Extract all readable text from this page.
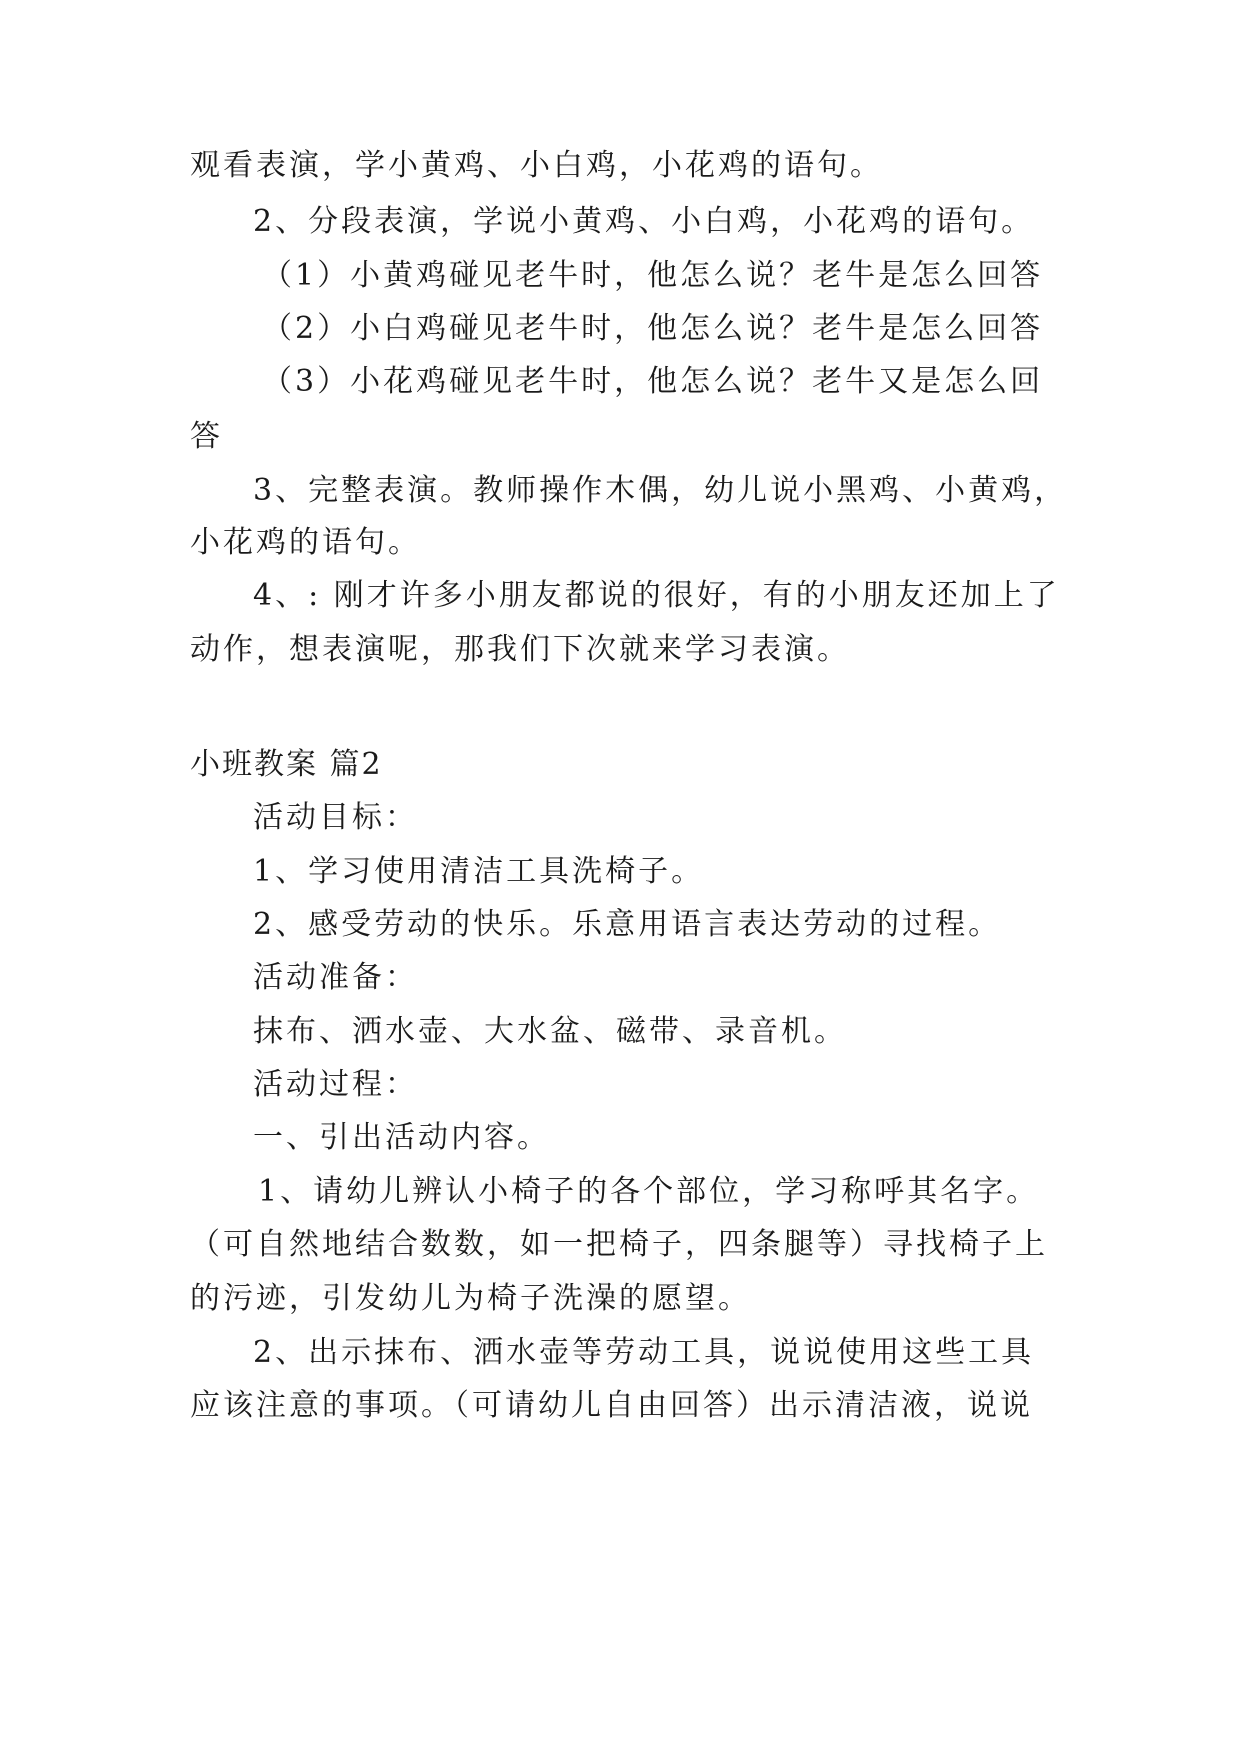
观看表演，学小黄鸡、小白鸡，小花鸡的语句。
2、分段表演，学说小黄鸡、小白鸡，小花鸡的语句。
（1）小黄鸡碰见老牛时，他怎么说？老牛是怎么回答
（2）小白鸡碰见老牛时，他怎么说？老牛是怎么回答
（3）小花鸡碰见老牛时，他怎么说？老牛又是怎么回
答
3、完整表演。教师操作木偶，幼儿说小黑鸡、小黄鸡，
小花鸡的语句。
4、: 刚才许多小朋友都说的很好，有的小朋友还加上了
动作，想表演呢，那我们下次就来学习表演。
小班教案 篇2
活动目标：
1、学习使用清洁工具洗椅子。
2、感受劳动的快乐。乐意用语言表达劳动的过程。
活动准备：
抹布、洒水壶、大水盆、磁带、录音机。
活动过程：
一、引出活动内容。
1、请幼儿辨认小椅子的各个部位，学习称呼其名字。
（可自然地结合数数，如一把椅子，四条腿等）寻找椅子上
的污迹，引发幼儿为椅子洗澡的愿望。
2、出示抹布、洒水壶等劳动工具，说说使用这些工具
应该注意的事项。（可请幼儿自由回答）出示清洁液，说说
